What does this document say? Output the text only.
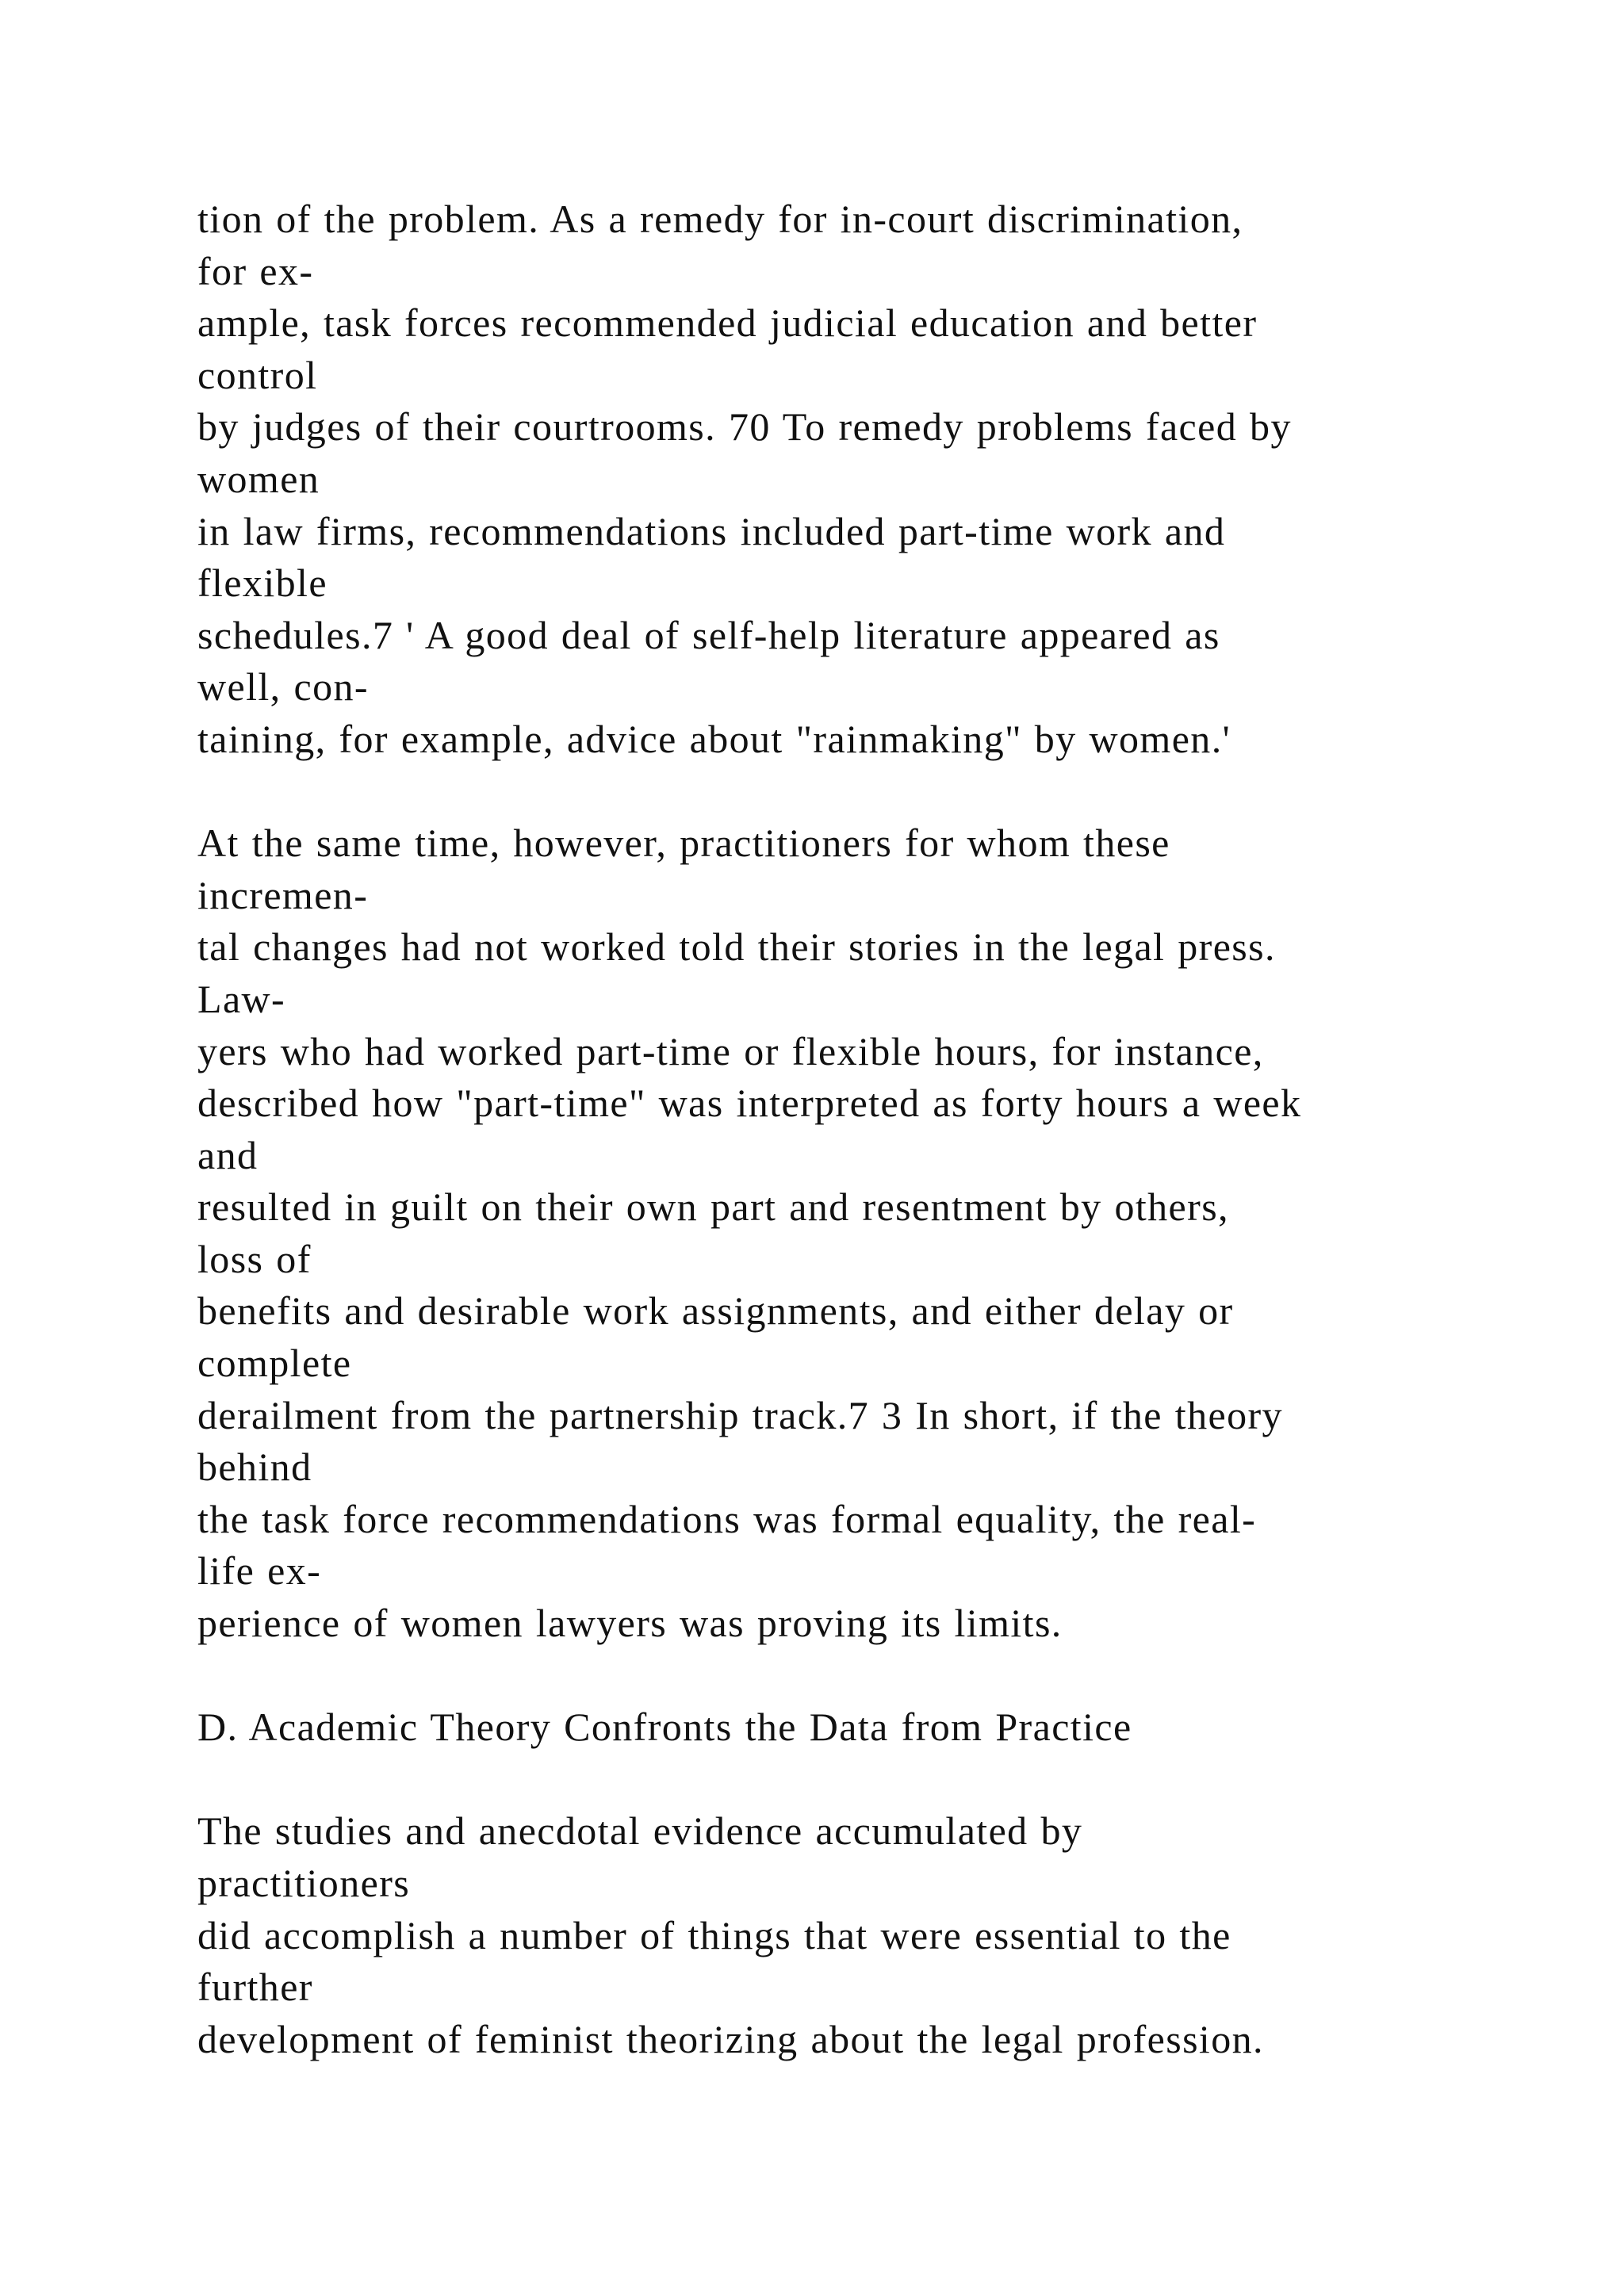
tion of the problem. As a remedy for in-court discrimination,
for ex-
ample, task forces recommended judicial education and better
control
by judges of their courtrooms. 70 To remedy problems faced by
women
in law firms, recommendations included part-time work and
flexible
schedules.7 ' A good deal of self-help literature appeared as
well, con-
taining, for example, advice about "rainmaking" by women.'
At the same time, however, practitioners for whom these
incremen-
tal changes had not worked told their stories in the legal press.
Law-
yers who had worked part-time or flexible hours, for instance,
described how "part-time" was interpreted as forty hours a week
and
resulted in guilt on their own part and resentment by others,
loss of
benefits and desirable work assignments, and either delay or
complete
derailment from the partnership track.7 3 In short, if the theory
behind
the task force recommendations was formal equality, the real-
life ex-
perience of women lawyers was proving its limits.
D. Academic Theory Confronts the Data from Practice
The studies and anecdotal evidence accumulated by
practitioners
did accomplish a number of things that were essential to the
further
development of feminist theorizing about the legal profession.
